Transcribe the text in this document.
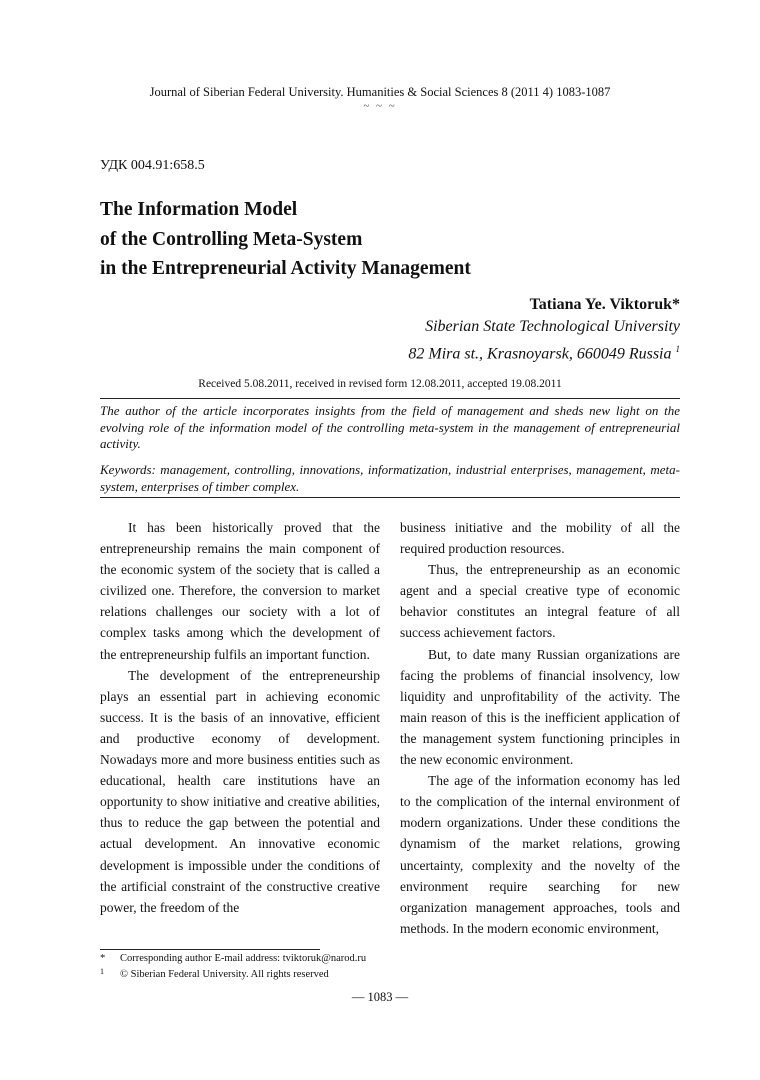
Journal of Siberian Federal University. Humanities & Social Sciences 8 (2011 4) 1083-1087
~ ~ ~
УДК 004.91:658.5
The Information Model
of the Controlling Meta-System
in the Entrepreneurial Activity Management
Tatiana Ye. Viktoruk*
Siberian State Technological University
82 Mira st., Krasnoyarsk, 660049 Russia $^1$
Received 5.08.2011, received in revised form 12.08.2011, accepted 19.08.2011
The author of the article incorporates insights from the field of management and sheds new light on the evolving role of the information model of the controlling meta-system in the management of entrepreneurial activity.
Keywords: management, controlling, innovations, informatization, industrial enterprises, management, meta-system, enterprises of timber complex.

It has been historically proved that the entrepreneurship remains the main component of the economic system of the society that is called a civilized one. Therefore, the conversion to market relations challenges our society with a lot of complex tasks among which the development of the entrepreneurship fulfils an important function.

The development of the entrepreneurship plays an essential part in achieving economic success. It is the basis of an innovative, efficient and productive economy of development. Nowadays more and more business entities such as educational, health care institutions have an opportunity to show initiative and creative abilities, thus to reduce the gap between the potential and actual development. An innovative economic development is impossible under the conditions of the artificial constraint of the constructive creative power, the freedom of the

business initiative and the mobility of all the required production resources.

Thus, the entrepreneurship as an economic agent and a special creative type of economic behavior constitutes an integral feature of all success achievement factors.

But, to date many Russian organizations are facing the problems of financial insolvency, low liquidity and unprofitability of the activity. The main reason of this is the inefficient application of the management system functioning principles in the new economic environment.

The age of the information economy has led to the complication of the internal environment of modern organizations. Under these conditions the dynamism of the market relations, growing uncertainty, complexity and the novelty of the environment require searching for new organization management approaches, tools and methods. In the modern economic environment,

* Corresponding author E-mail address: tviktoruk@narod.ru
1 © Siberian Federal University. All rights reserved
— 1083 —
